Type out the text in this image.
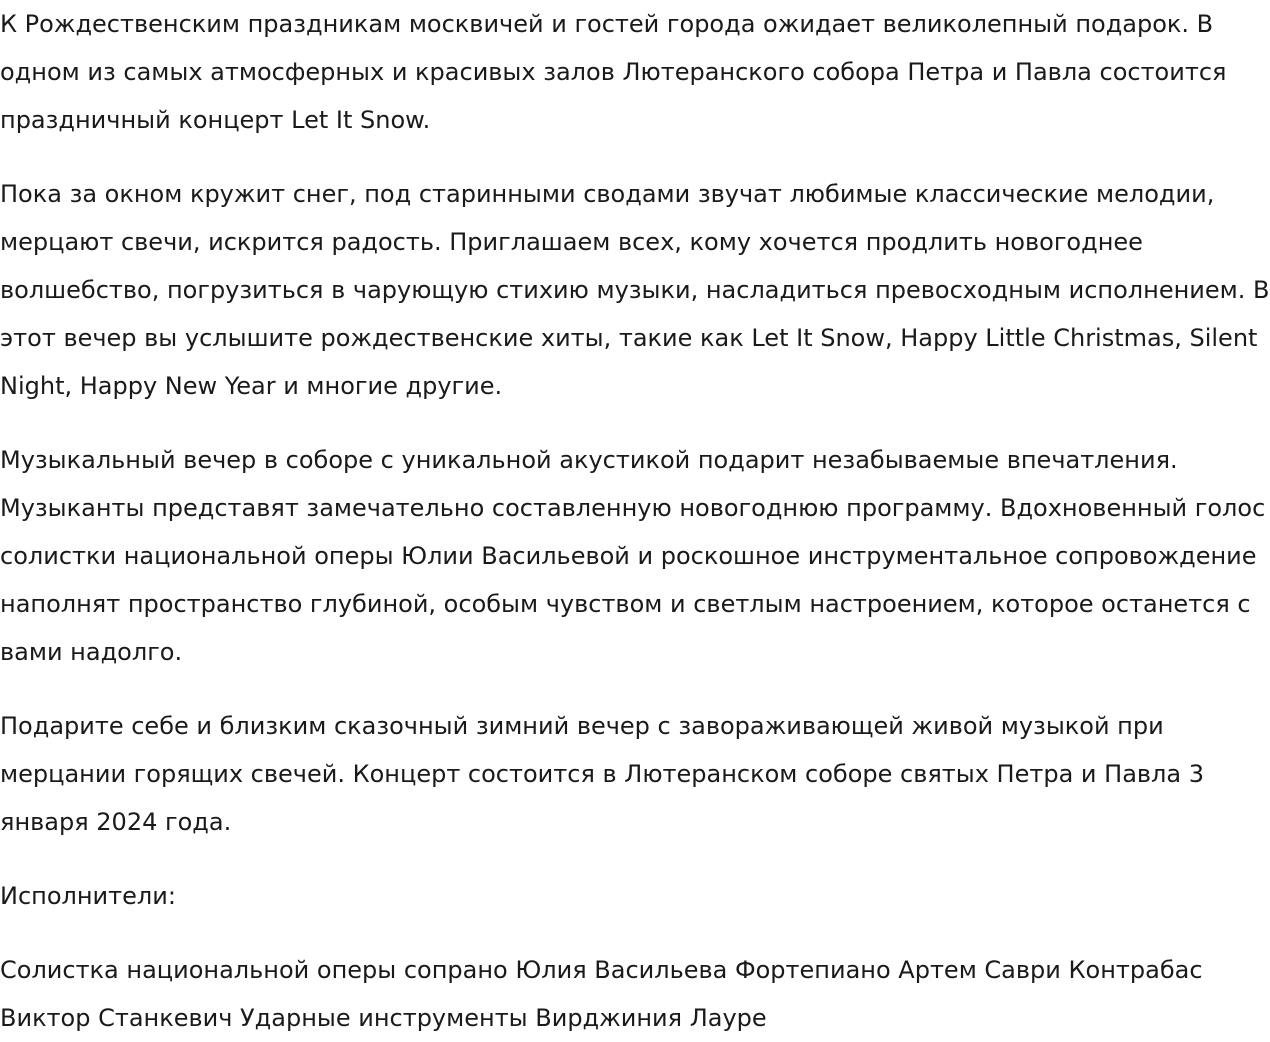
К Рождественским праздникам москвичей и гостей города ожидает великолепный подарок. В одном из самых атмосферных и красивых залов Лютеранского собора Петра и Павла состоится праздничный концерт Let It Snow.

Пока за окном кружит снег, под старинными сводами звучат любимые классические мелодии, мерцают свечи, искрится радость. Приглашаем всех, кому хочется продлить новогоднее волшебство, погрузиться в чарующую стихию музыки, насладиться превосходным исполнением. В этот вечер вы услышите рождественские хиты, такие как Let It Snow, Happy Little Christmas, Silent Night, Happy New Year и многие другие.

Музыкальный вечер в соборе с уникальной акустикой подарит незабываемые впечатления. Музыканты представят замечательно составленную новогоднюю программу. Вдохновенный голос солистки национальной оперы Юлии Васильевой и роскошное инструментальное сопровождение наполнят пространство глубиной, особым чувством и светлым настроением, которое останется с вами надолго.

Подарите себе и близким сказочный зимний вечер с завораживающей живой музыкой при мерцании горящих свечей. Концерт состоится в Лютеранском соборе святых Петра и Павла 3 января 2024 года.

Исполнители:

Солистка национальной оперы сопрано Юлия Васильева Фортепиано Артем Саври Контрабас Виктор Станкевич Ударные инструменты Вирджиния Лауре
